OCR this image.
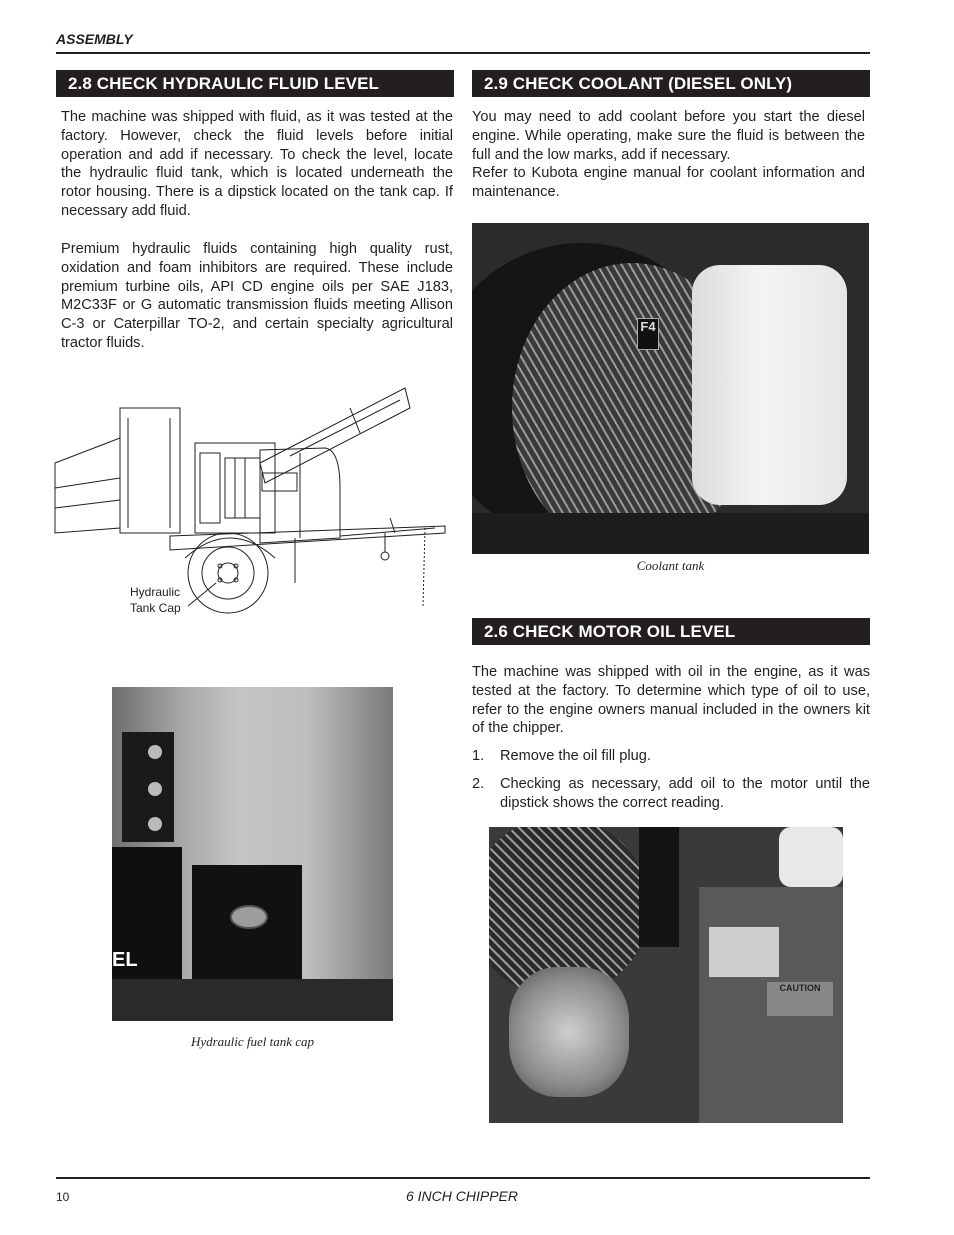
ASSEMBLY
2.8 CHECK HYDRAULIC FLUID LEVEL

The machine was shipped with fluid, as it was tested at the factory. However, check the fluid levels before initial operation and add if necessary. To check the level, locate the hydraulic fluid tank, which is located underneath the rotor housing. There is a dipstick located on the tank cap. If necessary add fluid.

Premium hydraulic fluids containing high quality rust, oxidation and foam inhibitors are required. These include premium turbine oils, API CD engine oils per SAE J183, M2C33F or G automatic transmission fluids meeting Allison C-3 or Caterpillar TO-2, and certain specialty agricultural tractor fluids.

Hydraulic
Tank Cap
EL
Hydraulic fuel tank cap
2.9 CHECK COOLANT (DIESEL ONLY)

You may need to add coolant before you start the diesel engine. While operating, make sure the fluid is between the full and the low marks, add if necessary.

Refer to Kubota engine manual for coolant information and maintenance.

F4
Coolant tank
2.6 CHECK MOTOR OIL LEVEL

The machine was shipped with oil in the engine, as it was tested at the factory. To determine which type of oil to use, refer to the engine owners manual included in the owners kit of the chipper.

1. Remove the oil fill plug.
2. Checking as necessary, add oil to the motor until the dipstick shows the correct reading.
CAUTION
10	6 INCH CHIPPER
